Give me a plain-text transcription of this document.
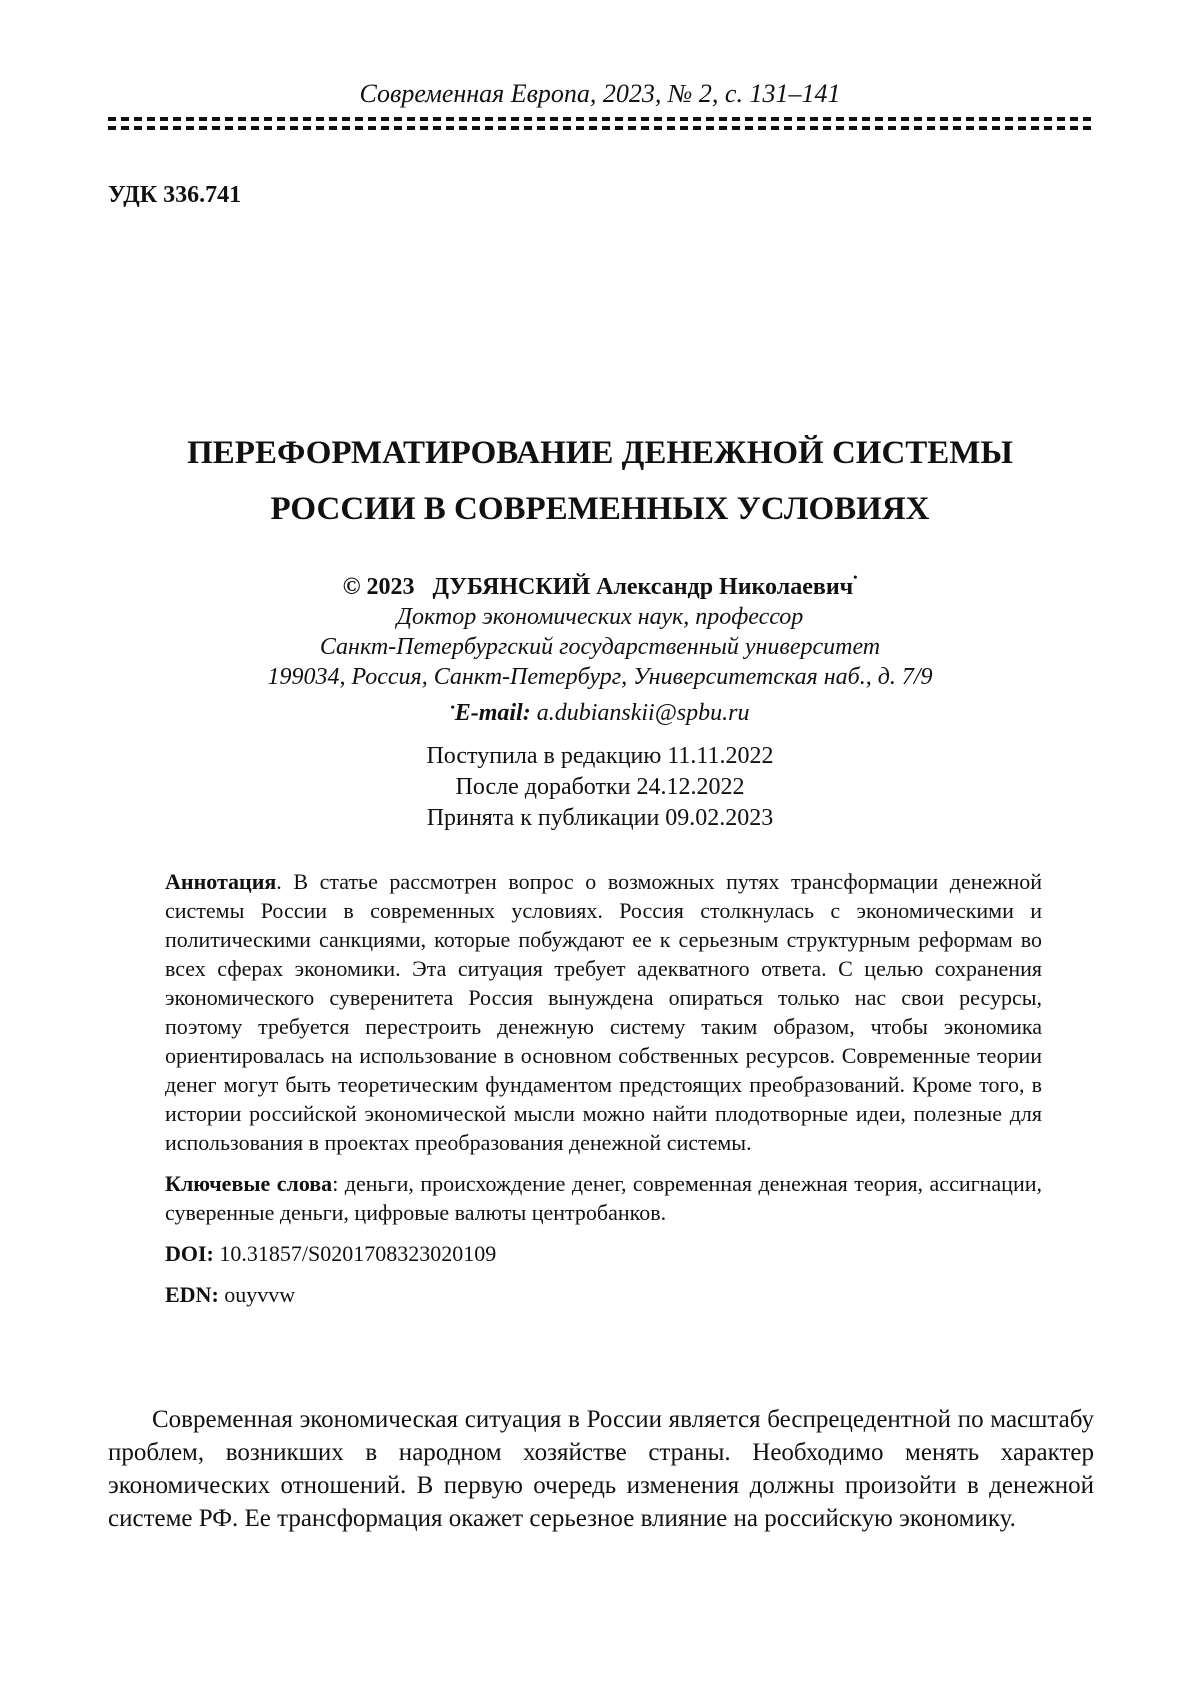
Современная Европа, 2023, № 2, с. 131–141
УДК 336.741
ПЕРЕФОРМАТИРОВАНИЕ ДЕНЕЖНОЙ СИСТЕМЫ
РОССИИ В СОВРЕМЕННЫХ УСЛОВИЯХ
© 2023 ДУБЯНСКИЙ Александр Николаевич•
Доктор экономических наук, профессор
Санкт-Петербургский государственный университет
199034, Россия, Санкт-Петербург, Университетская наб., д. 7/9
•E-mail: a.dubianskii@spbu.ru
Поступила в редакцию 11.11.2022
После доработки 24.12.2022
Принята к публикации 09.02.2023

Аннотация. В статье рассмотрен вопрос о возможных путях трансформации денежной системы России в современных условиях. Россия столкнулась с экономическими и политическими санкциями, которые побуждают ее к серьезным структурным реформам во всех сферах экономики. Эта ситуация требует адекватного ответа. С целью сохранения экономического суверенитета Россия вынуждена опираться только нас свои ресурсы, поэтому требуется перестроить денежную систему таким образом, чтобы экономика ориентировалась на использование в основном собственных ресурсов. Современные теории денег могут быть теоретическим фундаментом предстоящих преобразований. Кроме того, в истории российской экономической мысли можно найти плодотворные идеи, полезные для использования в проектах преобразования денежной системы.

Ключевые слова: деньги, происхождение денег, современная денежная теория, ассигнации, суверенные деньги, цифровые валюты центробанков.

DOI: 10.31857/S0201708323020109

EDN: ouyvvw

Современная экономическая ситуация в России является беспрецедентной по масштабу проблем, возникших в народном хозяйстве страны. Необходимо менять характер экономических отношений. В первую очередь изменения должны произойти в денежной системе РФ. Ее трансформация окажет серьезное влияние на российскую экономику.
